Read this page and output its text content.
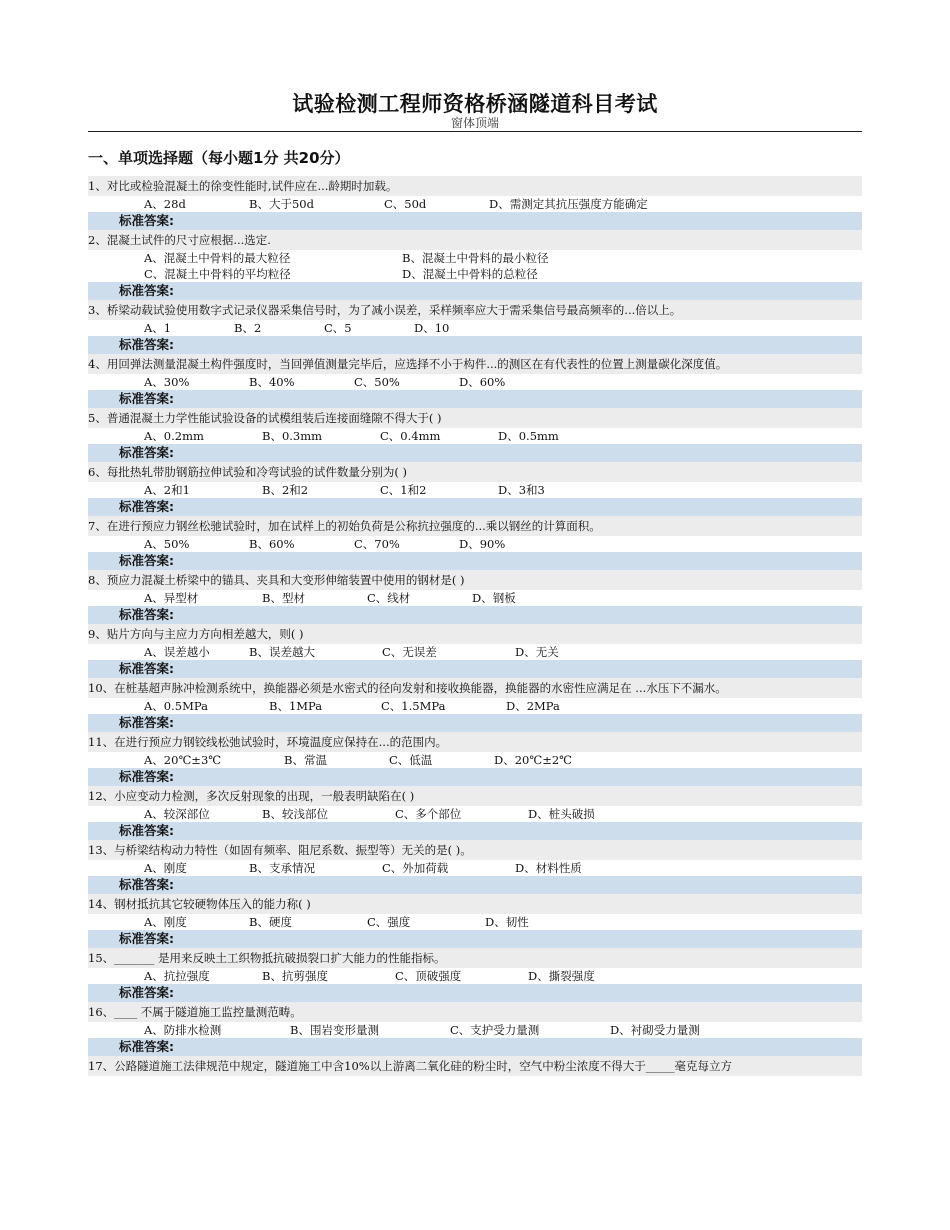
试验检测工程师资格桥涵隧道科目考试
窗体顶端
一、单项选择题（每小题1分 共20分）
1、对比或检验混凝土的徐变性能时,试件应在...龄期时加载。
A、28d	B、大于50d	C、50d	D、需测定其抗压强度方能确定
标准答案:
2、混凝土试件的尺寸应根据...选定.
A、混凝土中骨料的最大粒径	B、混凝土中骨料的最小粒径
C、混凝土中骨料的平均粒径	D、混凝土中骨料的总粒径
标准答案:
3、桥梁动载试验使用数字式记录仪器采集信号时，为了减小误差，采样频率应大于需采集信号最高频率的...倍以上。
A、1	B、2	C、5	D、10
标准答案:
4、用回弹法测量混凝土构件强度时，当回弹值测量完毕后，应选择不小于构件...的测区在有代表性的位置上测量碳化深度值。
A、30%	B、40%	C、50%	D、60%
标准答案:
5、普通混凝土力学性能试验设备的试模组装后连接面缝隙不得大于( )
A、0.2mm	B、0.3mm	C、0.4mm	D、0.5mm
标准答案:
6、每批热轧带肋钢筋拉伸试验和冷弯试验的试件数量分别为( )
A、2和1	B、2和2	C、1和2	D、3和3
标准答案:
7、在进行预应力钢丝松驰试验时，加在试样上的初始负荷是公称抗拉强度的...乘以钢丝的计算面积。
A、50%	B、60%	C、70%	D、90%
标准答案:
8、预应力混凝土桥梁中的锚具、夹具和大变形伸缩装置中使用的钢材是( )
A、异型材	B、型材	C、线材	D、钢板
标准答案:
9、贴片方向与主应力方向相差越大，则( )
A、误差越小	B、误差越大	C、无误差	D、无关
标准答案:
10、在桩基超声脉冲检测系统中，换能器必须是水密式的径向发射和接收换能器，换能器的水密性应满足在 ...水压下不漏水。
A、0.5MPa	B、1MPa	C、1.5MPa	D、2MPa
标准答案:
11、在进行预应力钢铰线松弛试验时，环境温度应保持在...的范围内。
A、20℃±3℃	B、常温	C、低温	D、20℃±2℃
标准答案:
12、小应变动力检测，多次反射现象的出现，一般表明缺陷在( )
A、较深部位	B、较浅部位	C、多个部位	D、桩头破损
标准答案:
13、与桥梁结构动力特性（如固有频率、阻尼系数、振型等）无关的是( )。
A、刚度	B、支承情况	C、外加荷载	D、材料性质
标准答案:
14、钢材抵抗其它较硬物体压入的能力称( )
A、刚度	B、硬度	C、强度	D、韧性
标准答案:
15、_______ 是用来反映土工织物抵抗破损裂口扩大能力的性能指标。
A、抗拉强度	B、抗剪强度	C、顶破强度	D、撕裂强度
标准答案:
16、____ 不属于隧道施工监控量测范畴。
A、防排水检测	B、围岩变形量测	C、支护受力量测	D、衬砌受力量测
标准答案:
17、公路隧道施工法律规范中规定，隧道施工中含10%以上游离二氧化硅的粉尘时，空气中粉尘浓度不得大于_____毫克每立方
